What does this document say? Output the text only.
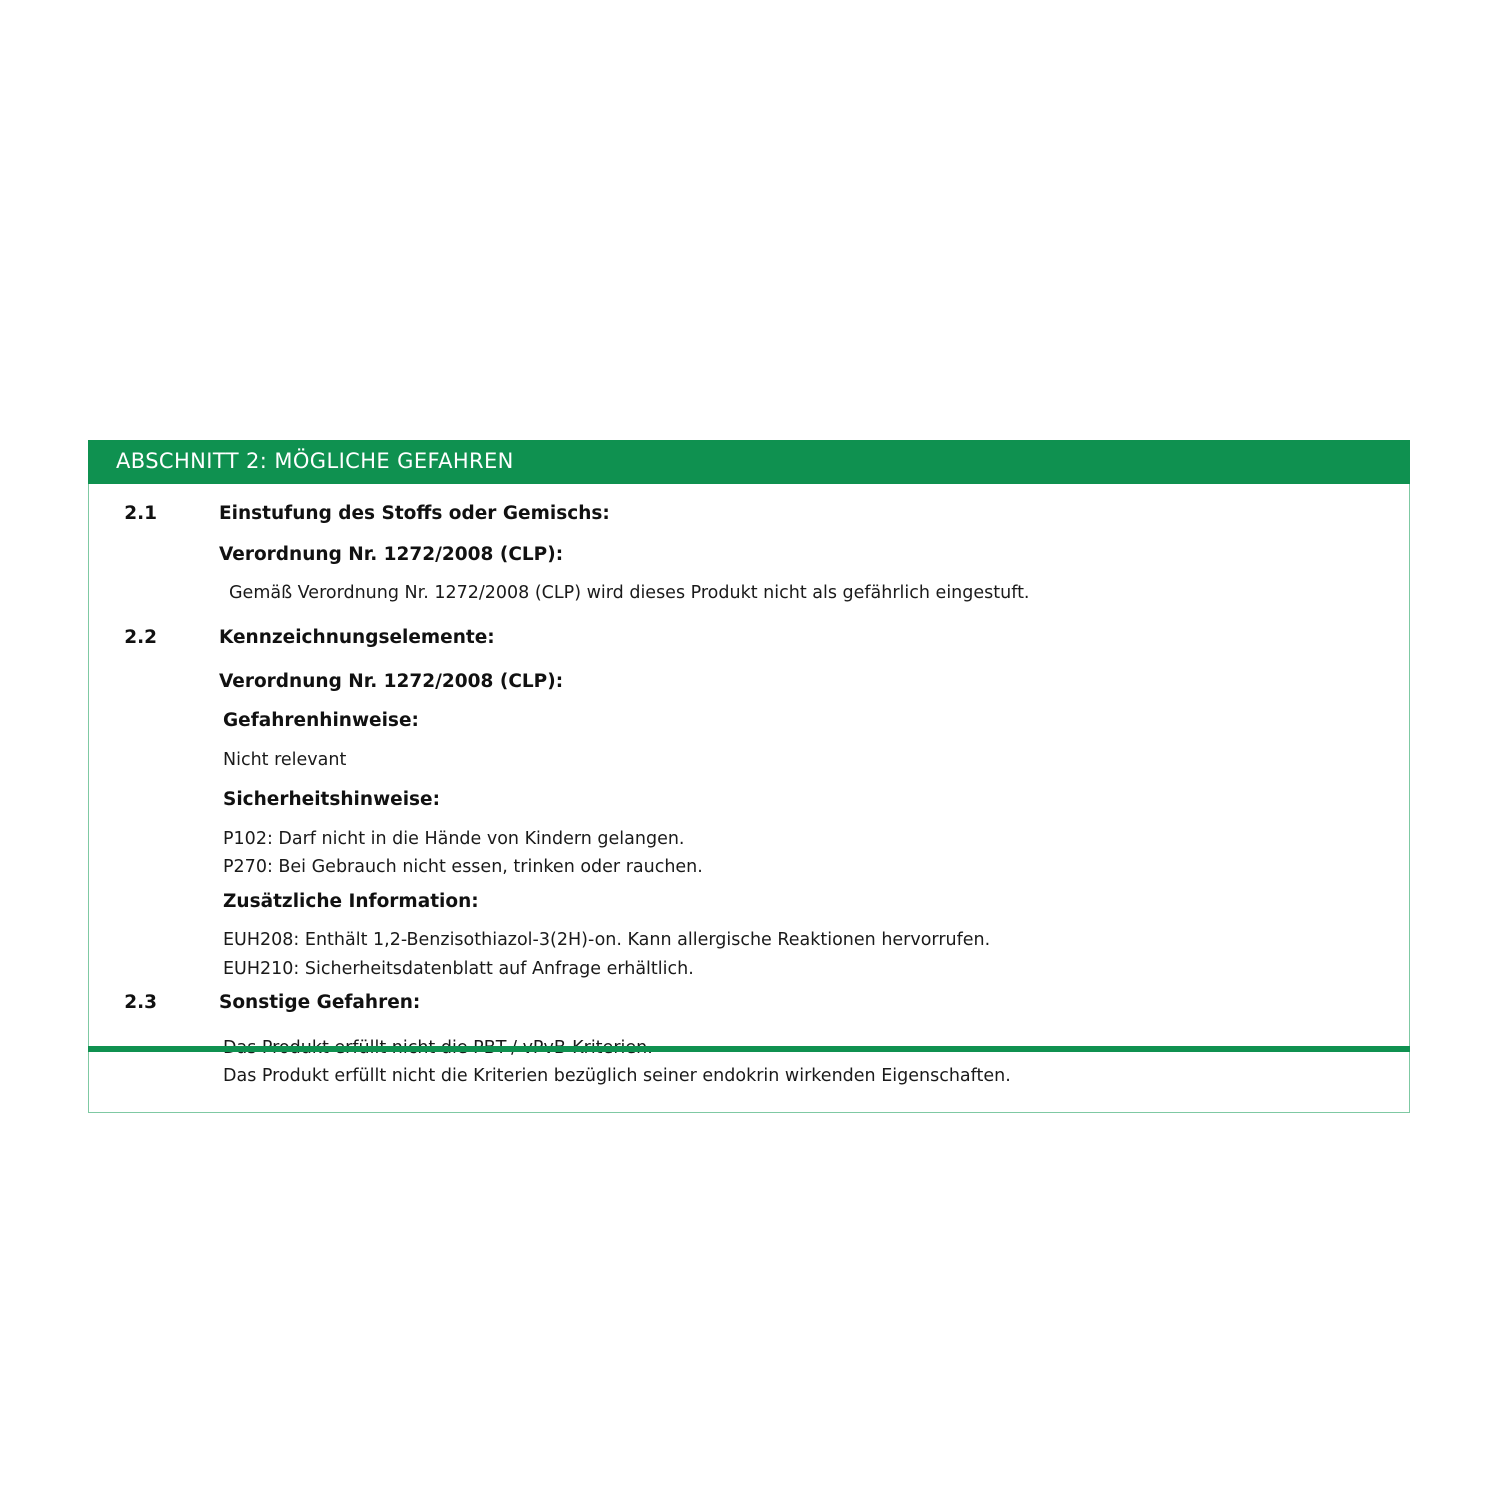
ABSCHNITT 2: MÖGLICHE GEFAHREN
2.1	Einstufung des Stoffs oder Gemischs:
Verordnung Nr. 1272/2008 (CLP):
Gemäß Verordnung Nr. 1272/2008 (CLP) wird dieses Produkt nicht als gefährlich eingestuft.
2.2	Kennzeichnungselemente:
Verordnung Nr. 1272/2008 (CLP):
Gefahrenhinweise:
Nicht relevant
Sicherheitshinweise:
P102: Darf nicht in die Hände von Kindern gelangen.
P270: Bei Gebrauch nicht essen, trinken oder rauchen.
Zusätzliche Information:
EUH208: Enthält 1,2-Benzisothiazol-3(2H)-on. Kann allergische Reaktionen hervorrufen.
EUH210: Sicherheitsdatenblatt auf Anfrage erhältlich.
2.3	Sonstige Gefahren:
Das Produkt erfüllt nicht die Kriterien bezüglich seiner endokrin wirkenden Eigenschaften.
